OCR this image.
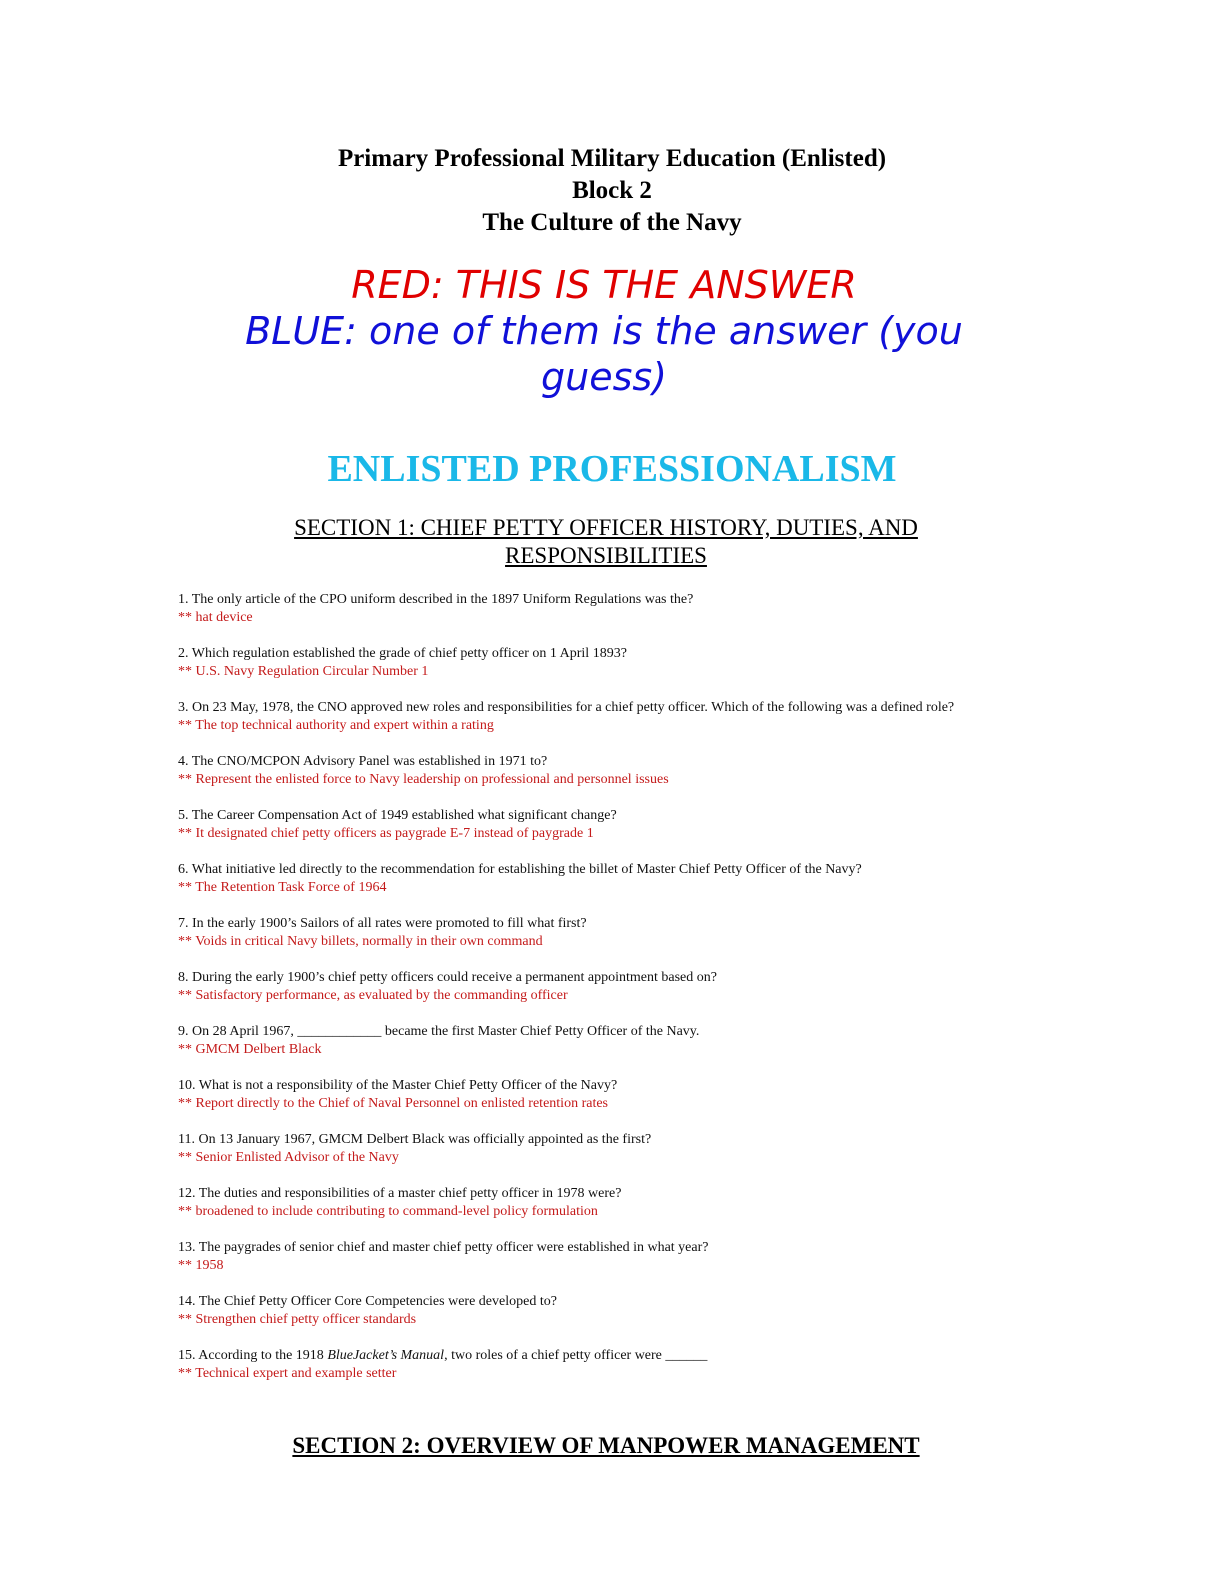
Primary Professional Military Education (Enlisted)
Block 2
The Culture of the Navy
RED: THIS IS THE ANSWER
BLUE: one of them is the answer (you guess)
ENLISTED PROFESSIONALISM
SECTION 1: CHIEF PETTY OFFICER HISTORY, DUTIES, AND RESPONSIBILITIES
1. The only article of the CPO uniform described in the 1897 Uniform Regulations was the?
** hat device
2. Which regulation established the grade of chief petty officer on 1 April 1893?
** U.S. Navy Regulation Circular Number 1
3. On 23 May, 1978, the CNO approved new roles and responsibilities for a chief petty officer. Which of the following was a defined role?
** The top technical authority and expert within a rating
4. The CNO/MCPON Advisory Panel was established in 1971 to?
** Represent the enlisted force to Navy leadership on professional and personnel issues
5. The Career Compensation Act of 1949 established what significant change?
** It designated chief petty officers as paygrade E-7 instead of paygrade 1
6. What initiative led directly to the recommendation for establishing the billet of Master Chief Petty Officer of the Navy?
** The Retention Task Force of 1964
7. In the early 1900’s Sailors of all rates were promoted to fill what first?
** Voids in critical Navy billets, normally in their own command
8. During the early 1900’s chief petty officers could receive a permanent appointment based on?
** Satisfactory performance, as evaluated by the commanding officer
9. On 28 April 1967, ____________ became the first Master Chief Petty Officer of the Navy.
** GMCM Delbert Black
10. What is not a responsibility of the Master Chief Petty Officer of the Navy?
** Report directly to the Chief of Naval Personnel on enlisted retention rates
11. On 13 January 1967, GMCM Delbert Black was officially appointed as the first?
** Senior Enlisted Advisor of the Navy
12. The duties and responsibilities of a master chief petty officer in 1978 were?
** broadened to include contributing to command-level policy formulation
13. The paygrades of senior chief and master chief petty officer were established in what year?
** 1958
14. The Chief Petty Officer Core Competencies were developed to?
** Strengthen chief petty officer standards
15. According to the 1918 BlueJacket’s Manual, two roles of a chief petty officer were ______
** Technical expert and example setter
SECTION 2: OVERVIEW OF MANPOWER MANAGEMENT
